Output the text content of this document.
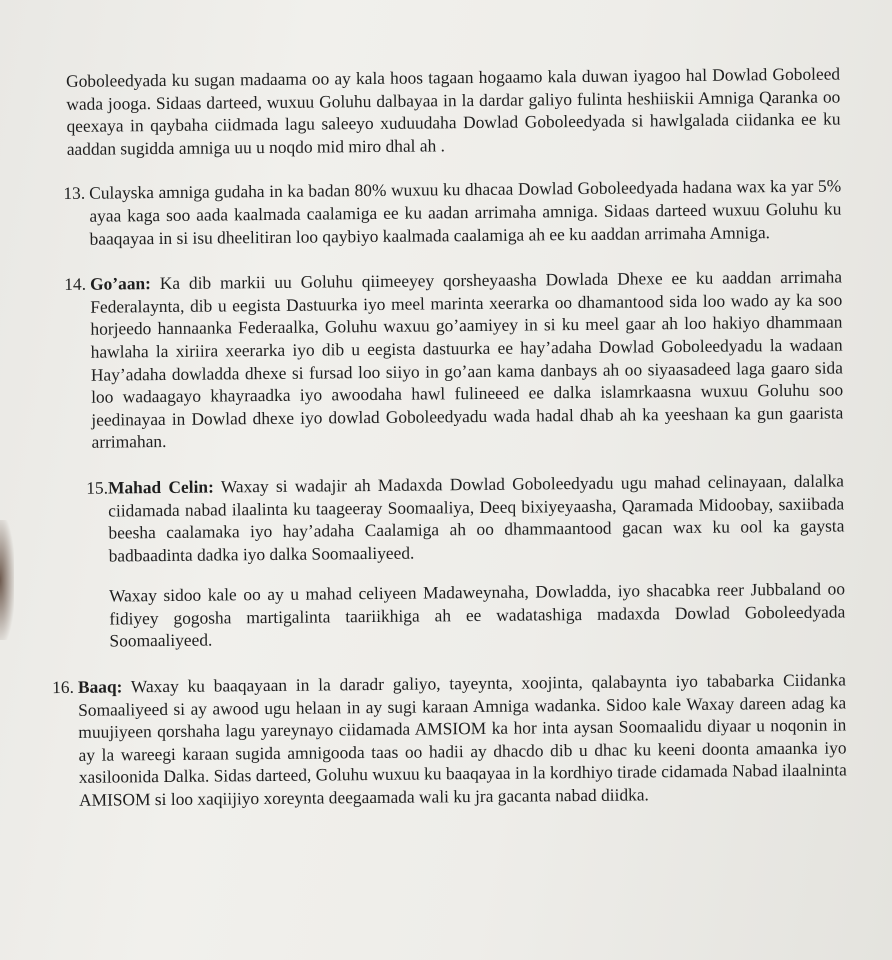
Goboleedyada ku sugan madaama oo ay kala hoos tagaan hogaamo kala duwan iyagoo hal Dowlad Goboleed wada jooga. Sidaas darteed, wuxuu Goluhu dalbayaa in la dardar galiyo fulinta heshiiskii Amniga Qaranka oo qeexaya in qaybaha ciidmada lagu saleeyo xuduudaha Dowlad Goboleedyada si hawlgalada ciidanka ee ku aaddan sugidda amniga uu u noqdo mid miro dhal ah .

13. Culayska amniga gudaha in ka badan 80% wuxuu ku dhacaa Dowlad Goboleedyada hadana wax ka yar 5% ayaa kaga soo aada kaalmada caalamiga ee ku aadan arrimaha amniga. Sidaas darteed wuxuu Goluhu ku baaqayaa in si isu dheelitiran loo qaybiyo kaalmada caalamiga ah ee ku aaddan arrimaha Amniga.

14. Go’aan: Ka dib markii uu Goluhu qiimeeyey qorsheyaasha Dowlada Dhexe ee ku aaddan arrimaha Federalaynta, dib u eegista Dastuurka iyo meel marinta xeerarka oo dhamantood sida loo wado ay ka soo horjeedo hannaanka Federaalka, Goluhu waxuu go’aamiyey in si ku meel gaar ah loo hakiyo dhammaan hawlaha la xiriira xeerarka iyo dib u eegista dastuurka ee hay’adaha Dowlad Goboleedyadu la wadaan Hay’adaha dowladda dhexe si fursad loo siiyo in go’aan kama danbays ah oo siyaasadeed laga gaaro sida loo wadaagayo khayraadka iyo awoodaha hawl fulineeed ee dalka islamrkaasna wuxuu Goluhu soo jeedinayaa in Dowlad dhexe iyo dowlad Goboleedyadu wada hadal dhab ah ka yeeshaan ka gun gaarista arrimahan.

15. Mahad Celin: Waxay si wadajir ah Madaxda Dowlad Goboleedyadu ugu mahad celinayaan, dalalka ciidamada nabad ilaalinta ku taageeray Soomaaliya, Deeq bixiyeyaasha, Qaramada Midoobay, saxiibada beesha caalamaka iyo hay’adaha Caalamiga ah oo dhammaantood gacan wax ku ool ka gaysta badbaadinta dadka iyo dalka Soomaaliyeed.

Waxay sidoo kale oo ay u mahad celiyeen Madaweynaha, Dowladda, iyo shacabka reer Jubbaland oo fidiyey gogosha martigalinta taariikhiga ah ee wadatashiga madaxda Dowlad Goboleedyada Soomaaliyeed.

16. Baaq: Waxay ku baaqayaan in la daradr galiyo, tayeynta, xoojinta, qalabaynta iyo tababarka Ciidanka Somaaliyeed si ay awood ugu helaan in ay sugi karaan Amniga wadanka. Sidoo kale Waxay dareen adag ka muujiyeen qorshaha lagu yareynayo ciidamada AMSIOM ka hor inta aysan Soomaalidu diyaar u noqonin in ay la wareegi karaan sugida amnigooda taas oo hadii ay dhacdo dib u dhac ku keeni doonta amaanka iyo xasiloonida Dalka. Sidas darteed, Goluhu wuxuu ku baaqayaa in la kordhiyo tirade cidamada Nabad ilaalninta AMISOM si loo xaqiijiyo xoreynta deegaamada wali ku jra gacanta nabad diidka.
